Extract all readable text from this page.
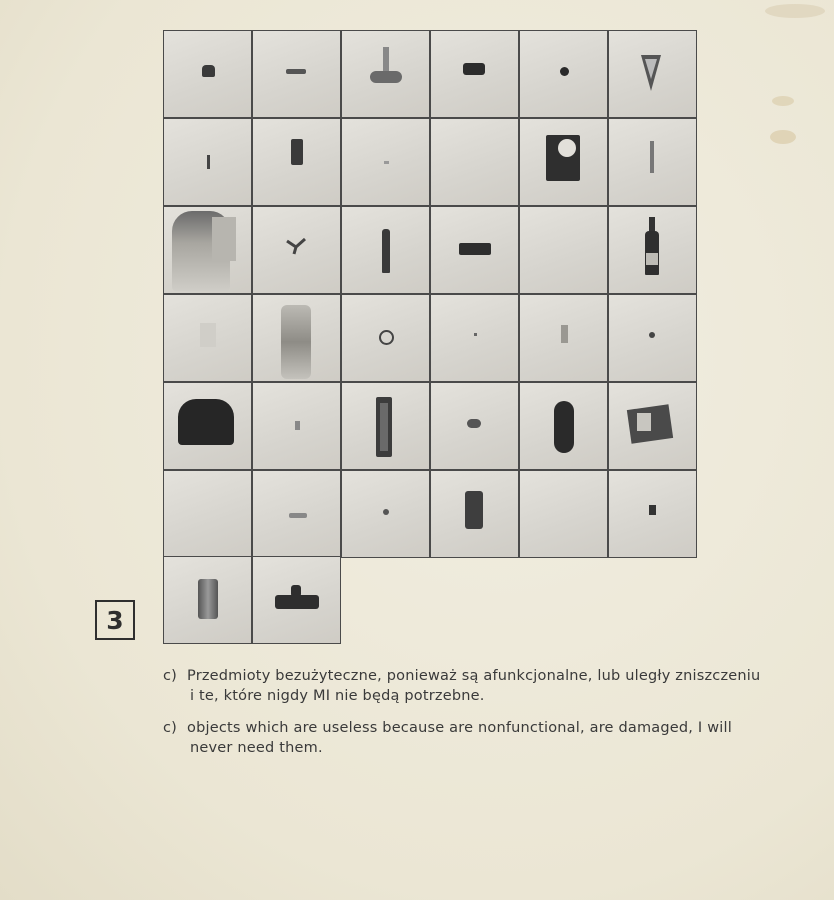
3
c) Przedmioty bezużyteczne, ponieważ są afunkcjonalne, lub uległy zniszczeniu
i te, które nigdy MI nie będą potrzebne.
c) objects which are useless because are nonfunctional, are damaged, I will
never need them.
